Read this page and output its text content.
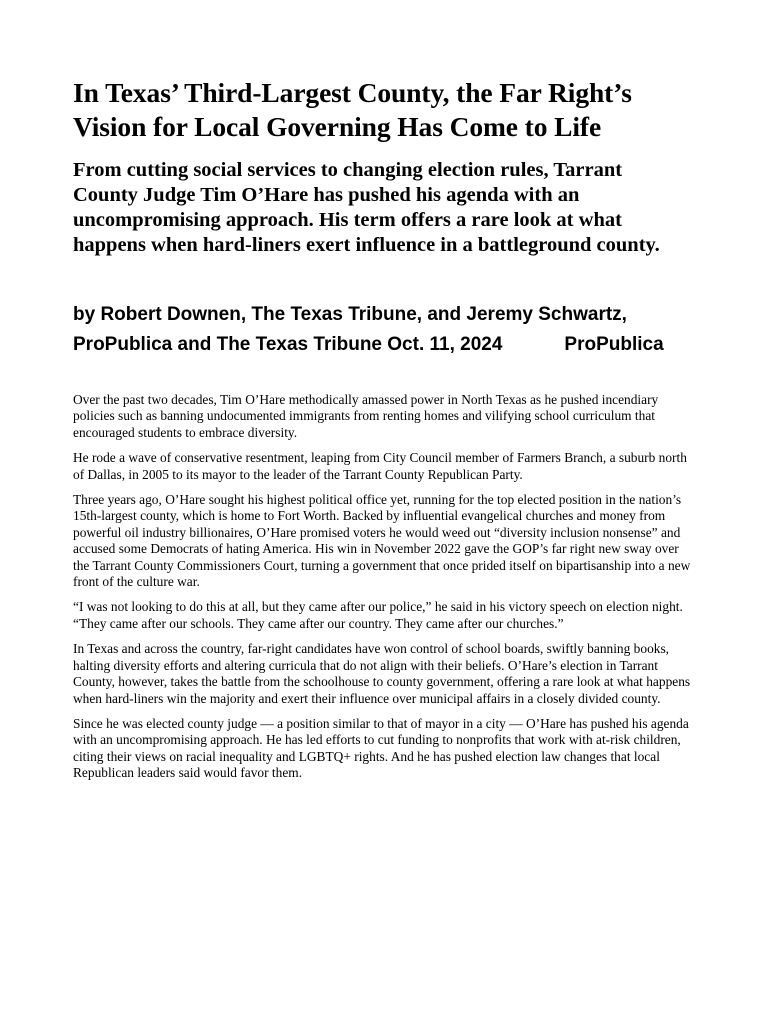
In Texas’ Third-Largest County, the Far Right’s Vision for Local Governing Has Come to Life
From cutting social services to changing election rules, Tarrant County Judge Tim O’Hare has pushed his agenda with an uncompromising approach. His term offers a rare look at what happens when hard-liners exert influence in a battleground county.
by Robert Downen, The Texas Tribune, and Jeremy Schwartz, ProPublica and The Texas Tribune Oct. 11, 2024	ProPublica

Over the past two decades, Tim O’Hare methodically amassed power in North Texas as he pushed incendiary policies such as banning undocumented immigrants from renting homes and vilifying school curriculum that encouraged students to embrace diversity.

He rode a wave of conservative resentment, leaping from City Council member of Farmers Branch, a suburb north of Dallas, in 2005 to its mayor to the leader of the Tarrant County Republican Party.

Three years ago, O’Hare sought his highest political office yet, running for the top elected position in the nation’s 15th-largest county, which is home to Fort Worth. Backed by influential evangelical churches and money from powerful oil industry billionaires, O’Hare promised voters he would weed out “diversity inclusion nonsense” and accused some Democrats of hating America. His win in November 2022 gave the GOP’s far right new sway over the Tarrant County Commissioners Court, turning a government that once prided itself on bipartisanship into a new front of the culture war.

“I was not looking to do this at all, but they came after our police,” he said in his victory speech on election night. “They came after our schools. They came after our country. They came after our churches.”

In Texas and across the country, far-right candidates have won control of school boards, swiftly banning books, halting diversity efforts and altering curricula that do not align with their beliefs. O’Hare’s election in Tarrant County, however, takes the battle from the schoolhouse to county government, offering a rare look at what happens when hard-liners win the majority and exert their influence over municipal affairs in a closely divided county.

Since he was elected county judge — a position similar to that of mayor in a city — O’Hare has pushed his agenda with an uncompromising approach. He has led efforts to cut funding to nonprofits that work with at-risk children, citing their views on racial inequality and LGBTQ+ rights. And he has pushed election law changes that local Republican leaders said would favor them.
